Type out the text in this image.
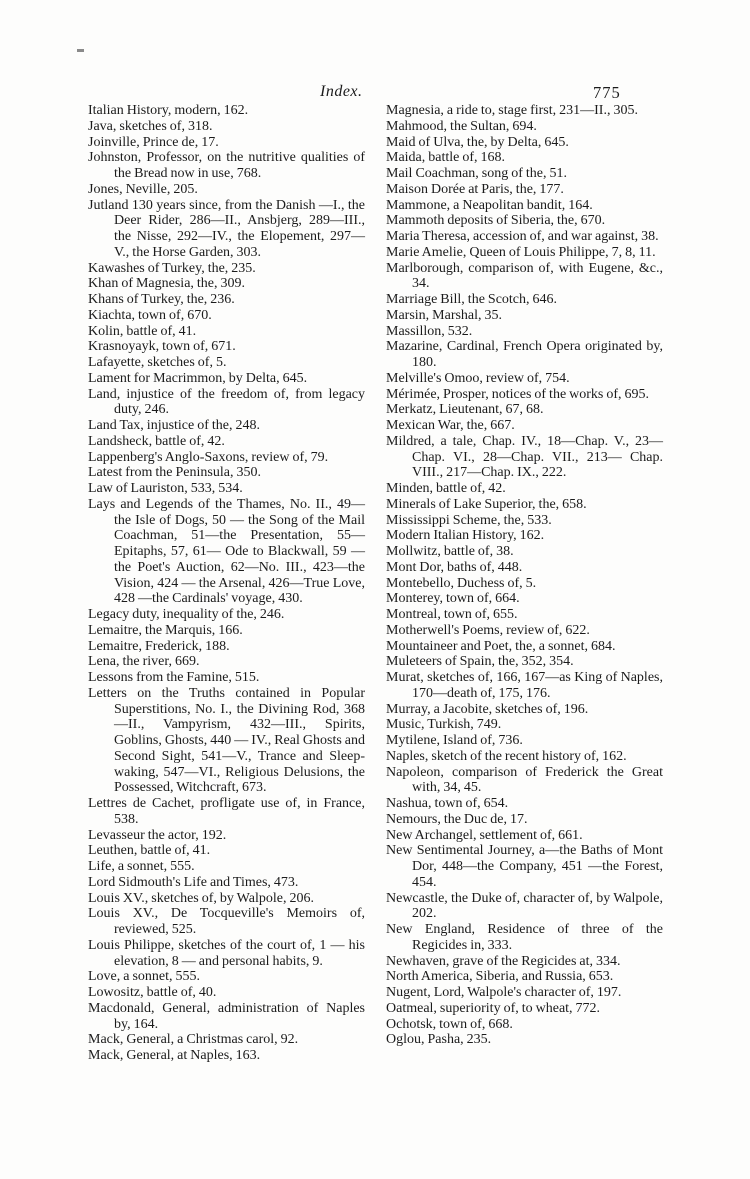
Index.	775

Italian History, modern, 162.

Java, sketches of, 318.

Joinville, Prince de, 17.

Johnston, Professor, on the nutritive qualities of the Bread now in use, 768.

Jones, Neville, 205.

Jutland 130 years since, from the Danish —I., the Deer Rider, 286—II., Ansbjerg, 289—III., the Nisse, 292—IV., the Elopement, 297—V., the Horse Garden, 303.

Kawashes of Turkey, the, 235.

Khan of Magnesia, the, 309.

Khans of Turkey, the, 236.

Kiachta, town of, 670.

Kolin, battle of, 41.

Krasnoyayk, town of, 671.

Lafayette, sketches of, 5.

Lament for Macrimmon, by Delta, 645.

Land, injustice of the freedom of, from legacy duty, 246.

Land Tax, injustice of the, 248.

Landsheck, battle of, 42.

Lappenberg's Anglo-Saxons, review of, 79.

Latest from the Peninsula, 350.

Law of Lauriston, 533, 534.

Lays and Legends of the Thames, No. II., 49—the Isle of Dogs, 50 — the Song of the Mail Coachman, 51—the Presentation, 55—Epitaphs, 57, 61— Ode to Blackwall, 59 — the Poet's Auction, 62—No. III., 423—the Vision, 424 — the Arsenal, 426—True Love, 428 —the Cardinals' voyage, 430.

Legacy duty, inequality of the, 246.

Lemaitre, the Marquis, 166.

Lemaitre, Frederick, 188.

Lena, the river, 669.

Lessons from the Famine, 515.

Letters on the Truths contained in Popular Superstitions, No. I., the Divining Rod, 368—II., Vampyrism, 432—III., Spirits, Goblins, Ghosts, 440 — IV., Real Ghosts and Second Sight, 541—V., Trance and Sleep-waking, 547—VI., Religious Delusions, the Possessed, Witchcraft, 673.

Lettres de Cachet, profligate use of, in France, 538.

Levasseur the actor, 192.

Leuthen, battle of, 41.

Life, a sonnet, 555.

Lord Sidmouth's Life and Times, 473.

Louis XV., sketches of, by Walpole, 206.

Louis XV., De Tocqueville's Memoirs of, reviewed, 525.

Louis Philippe, sketches of the court of, 1 — his elevation, 8 — and personal habits, 9.

Love, a sonnet, 555.

Lowositz, battle of, 40.

Macdonald, General, administration of Naples by, 164.

Mack, General, a Christmas carol, 92.

Mack, General, at Naples, 163.

Magnesia, a ride to, stage first, 231—II., 305.

Mahmood, the Sultan, 694.

Maid of Ulva, the, by Delta, 645.

Maida, battle of, 168.

Mail Coachman, song of the, 51.

Maison Dorée at Paris, the, 177.

Mammone, a Neapolitan bandit, 164.

Mammoth deposits of Siberia, the, 670.

Maria Theresa, accession of, and war against, 38.

Marie Amelie, Queen of Louis Philippe, 7, 8, 11.

Marlborough, comparison of, with Eugene, &c., 34.

Marriage Bill, the Scotch, 646.

Marsin, Marshal, 35.

Massillon, 532.

Mazarine, Cardinal, French Opera originated by, 180.

Melville's Omoo, review of, 754.

Mérimée, Prosper, notices of the works of, 695.

Merkatz, Lieutenant, 67, 68.

Mexican War, the, 667.

Mildred, a tale, Chap. IV., 18—Chap. V., 23—Chap. VI., 28—Chap. VII., 213— Chap. VIII., 217—Chap. IX., 222.

Minden, battle of, 42.

Minerals of Lake Superior, the, 658.

Mississippi Scheme, the, 533.

Modern Italian History, 162.

Mollwitz, battle of, 38.

Mont Dor, baths of, 448.

Montebello, Duchess of, 5.

Monterey, town of, 664.

Montreal, town of, 655.

Motherwell's Poems, review of, 622.

Mountaineer and Poet, the, a sonnet, 684.

Muleteers of Spain, the, 352, 354.

Murat, sketches of, 166, 167—as King of Naples, 170—death of, 175, 176.

Murray, a Jacobite, sketches of, 196.

Music, Turkish, 749.

Mytilene, Island of, 736.

Naples, sketch of the recent history of, 162.

Napoleon, comparison of Frederick the Great with, 34, 45.

Nashua, town of, 654.

Nemours, the Duc de, 17.

New Archangel, settlement of, 661.

New Sentimental Journey, a—the Baths of Mont Dor, 448—the Company, 451 —the Forest, 454.

Newcastle, the Duke of, character of, by Walpole, 202.

New England, Residence of three of the Regicides in, 333.

Newhaven, grave of the Regicides at, 334.

North America, Siberia, and Russia, 653.

Nugent, Lord, Walpole's character of, 197.

Oatmeal, superiority of, to wheat, 772.

Ochotsk, town of, 668.

Oglou, Pasha, 235.
